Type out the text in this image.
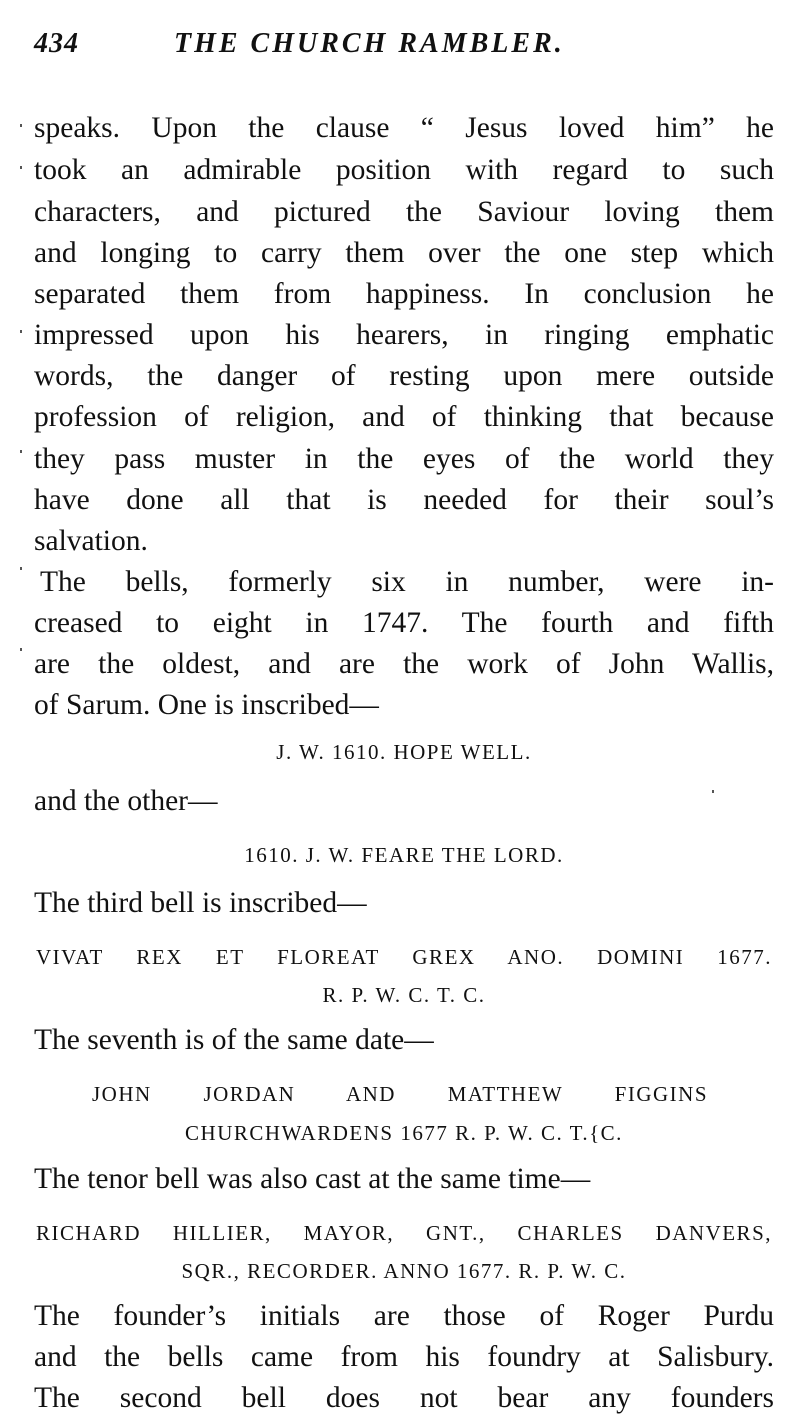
434	THE CHURCH RAMBLER.
speaks. Upon the clause “ Jesus loved him” he
took an admirable position with regard to such
characters, and pictured the Saviour loving them
and longing to carry them over the one step which
separated them from happiness. In conclusion he
impressed upon his hearers, in ringing emphatic
words, the danger of resting upon mere outside
profession of religion, and of thinking that because
they pass muster in the eyes of the world they
have done all that is needed for their soul’s
salvation.
The bells, formerly six in number, were in-
creased to eight in 1747. The fourth and fifth
are the oldest, and are the work of John Wallis,
of Sarum. One is inscribed—
J. W. 1610. HOPE WELL.
and the other—
1610. J. W. FEARE THE LORD.
The third bell is inscribed—
VIVAT REX ET FLOREAT GREX ANO. DOMINI 1677.
R. P. W. C. T. C.
The seventh is of the same date—
JOHN JORDAN AND MATTHEW FIGGINS
CHURCHWARDENS 1677 R. P. W. C. T.{C.
The tenor bell was also cast at the same time—
RICHARD HILLIER, MAYOR, GNT., CHARLES DANVERS,
SQR., RECORDER. ANNO 1677. R. P. W. C.
The founder’s initials are those of Roger Purdu
and the bells came from his foundry at Salisbury.
The second bell does not bear any founders
